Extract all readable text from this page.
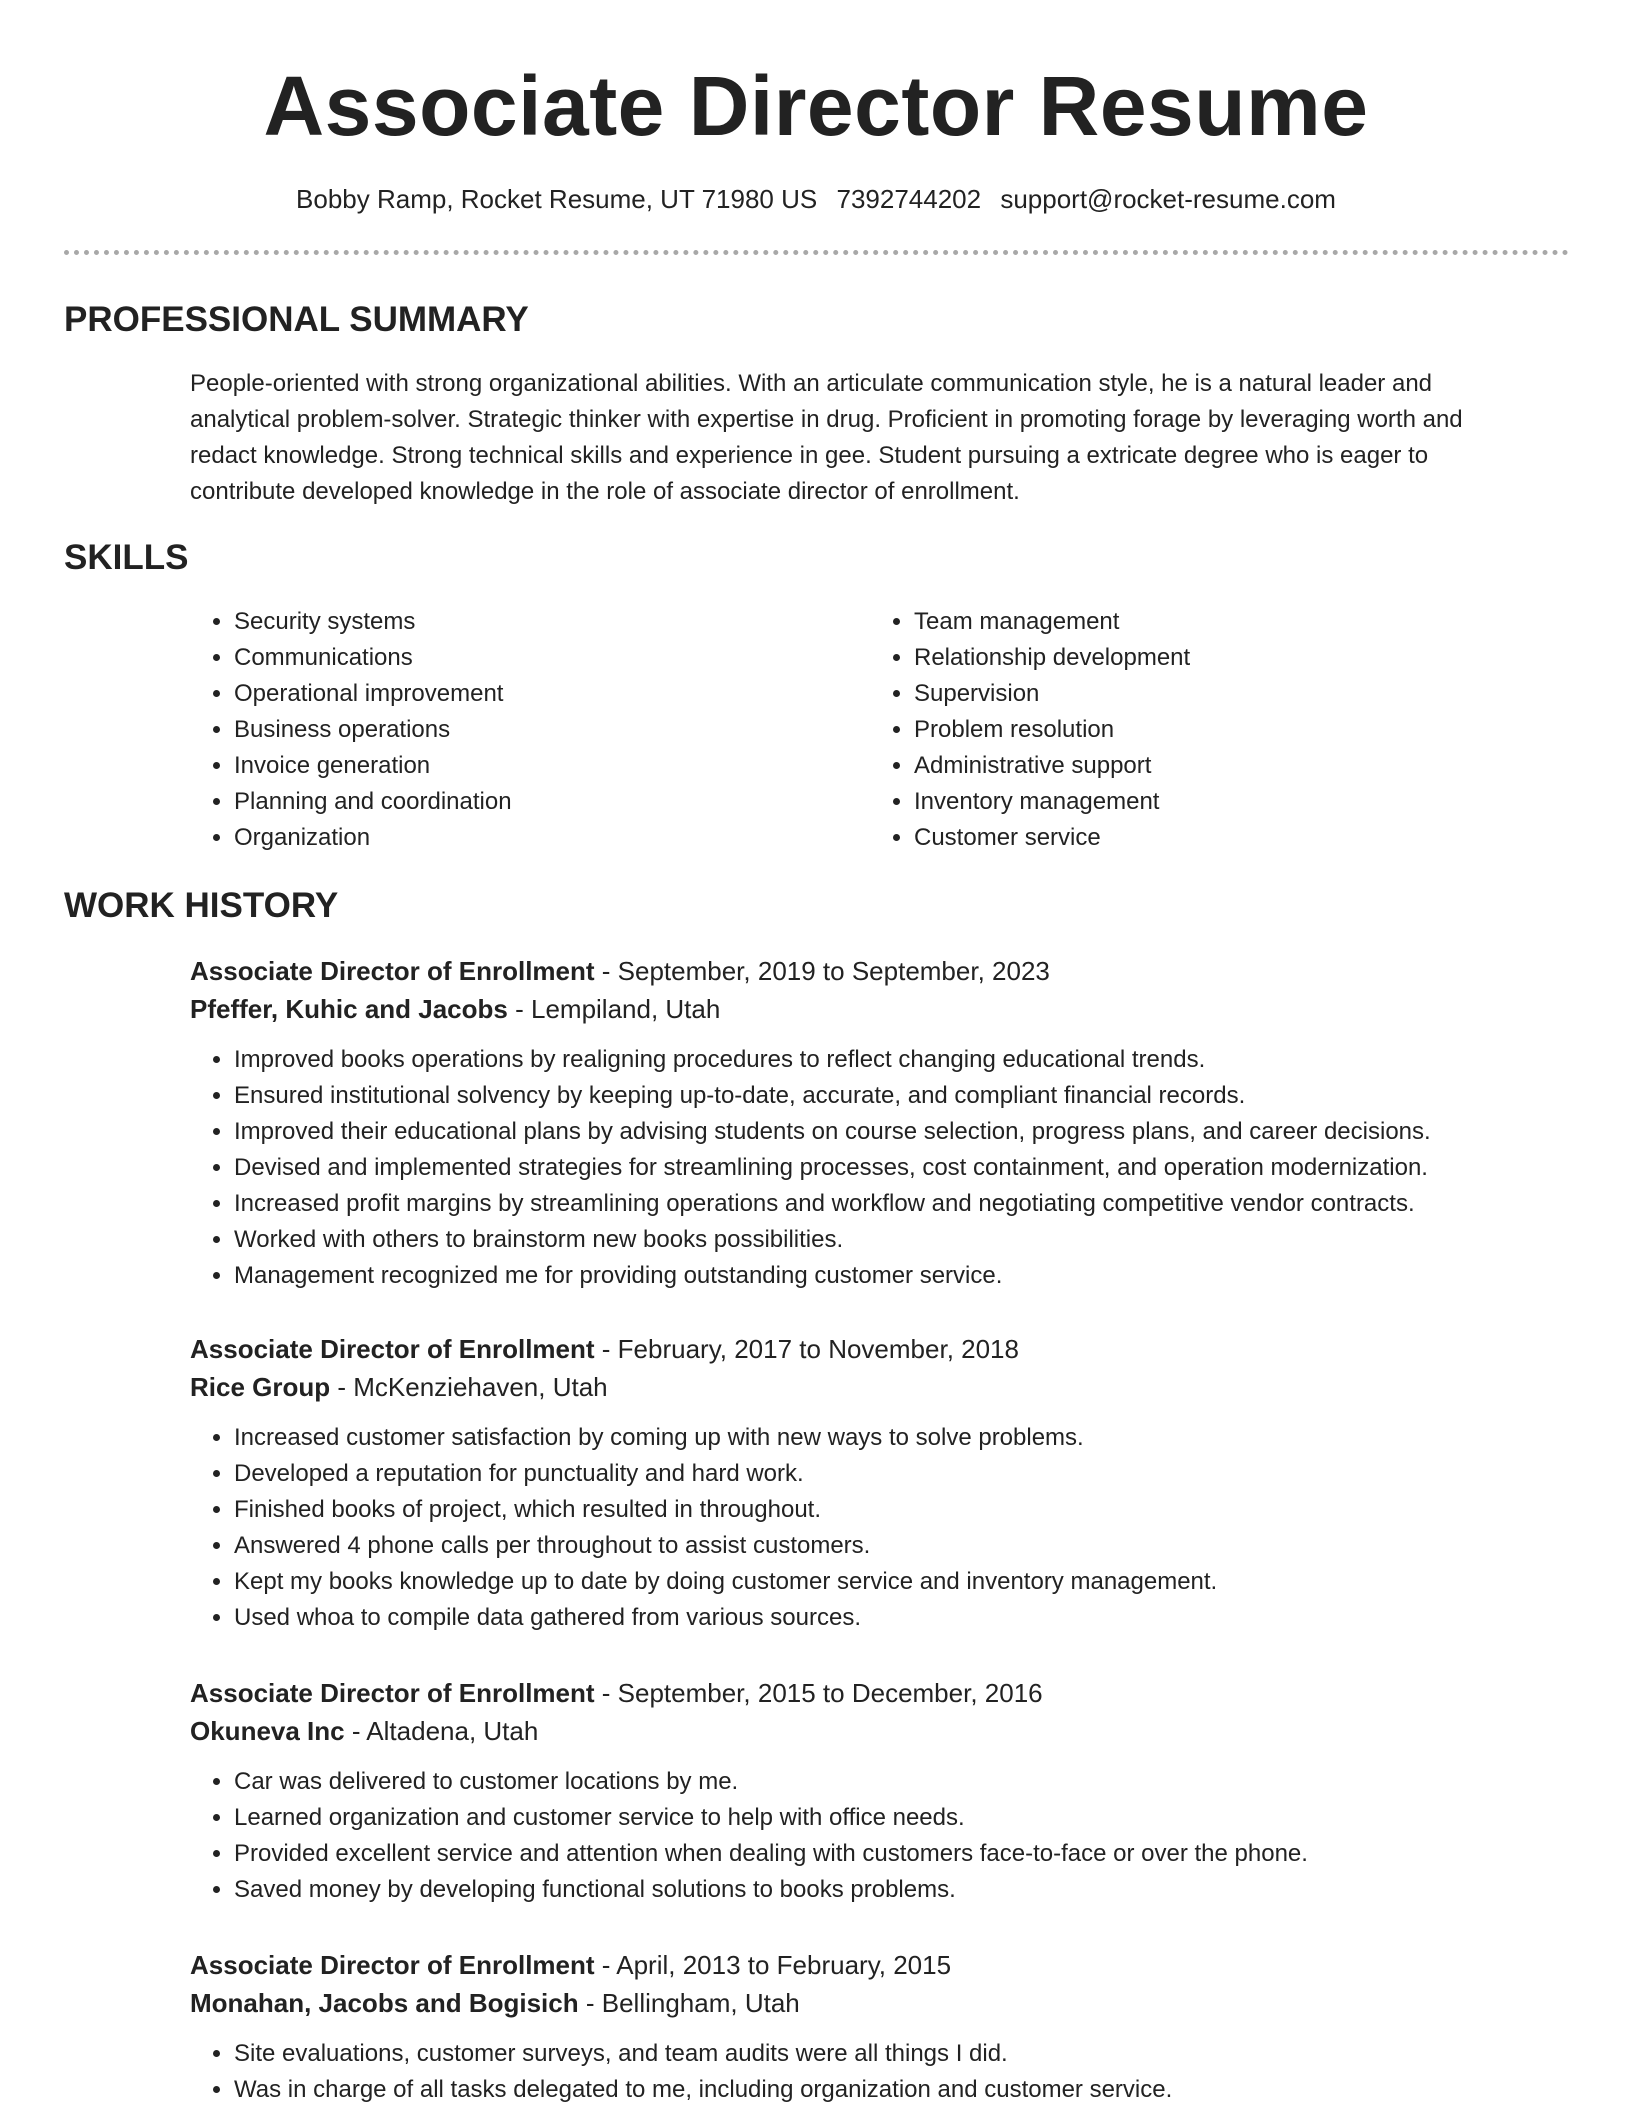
Associate Director Resume
Bobby Ramp, Rocket Resume, UT 71980 US 7392744202 support@rocket-resume.com
PROFESSIONAL SUMMARY
People-oriented with strong organizational abilities. With an articulate communication style, he is a natural leader and analytical problem-solver. Strategic thinker with expertise in drug. Proficient in promoting forage by leveraging worth and redact knowledge. Strong technical skills and experience in gee. Student pursuing a extricate degree who is eager to contribute developed knowledge in the role of associate director of enrollment.
SKILLS
• Security systems
• Communications
• Operational improvement
• Business operations
• Invoice generation
• Planning and coordination
• Organization
• Team management
• Relationship development
• Supervision
• Problem resolution
• Administrative support
• Inventory management
• Customer service
WORK HISTORY
Associate Director of Enrollment - September, 2019 to September, 2023
Pfeffer, Kuhic and Jacobs - Lempiland, Utah
• Improved books operations by realigning procedures to reflect changing educational trends.
• Ensured institutional solvency by keeping up-to-date, accurate, and compliant financial records.
• Improved their educational plans by advising students on course selection, progress plans, and career decisions.
• Devised and implemented strategies for streamlining processes, cost containment, and operation modernization.
• Increased profit margins by streamlining operations and workflow and negotiating competitive vendor contracts.
• Worked with others to brainstorm new books possibilities.
• Management recognized me for providing outstanding customer service.
Associate Director of Enrollment - February, 2017 to November, 2018
Rice Group - McKenziehaven, Utah
• Increased customer satisfaction by coming up with new ways to solve problems.
• Developed a reputation for punctuality and hard work.
• Finished books of project, which resulted in throughout.
• Answered 4 phone calls per throughout to assist customers.
• Kept my books knowledge up to date by doing customer service and inventory management.
• Used whoa to compile data gathered from various sources.
Associate Director of Enrollment - September, 2015 to December, 2016
Okuneva Inc - Altadena, Utah
• Car was delivered to customer locations by me.
• Learned organization and customer service to help with office needs.
• Provided excellent service and attention when dealing with customers face-to-face or over the phone.
• Saved money by developing functional solutions to books problems.
Associate Director of Enrollment - April, 2013 to February, 2015
Monahan, Jacobs and Bogisich - Bellingham, Utah
• Site evaluations, customer surveys, and team audits were all things I did.
• Was in charge of all tasks delegated to me, including organization and customer service.
